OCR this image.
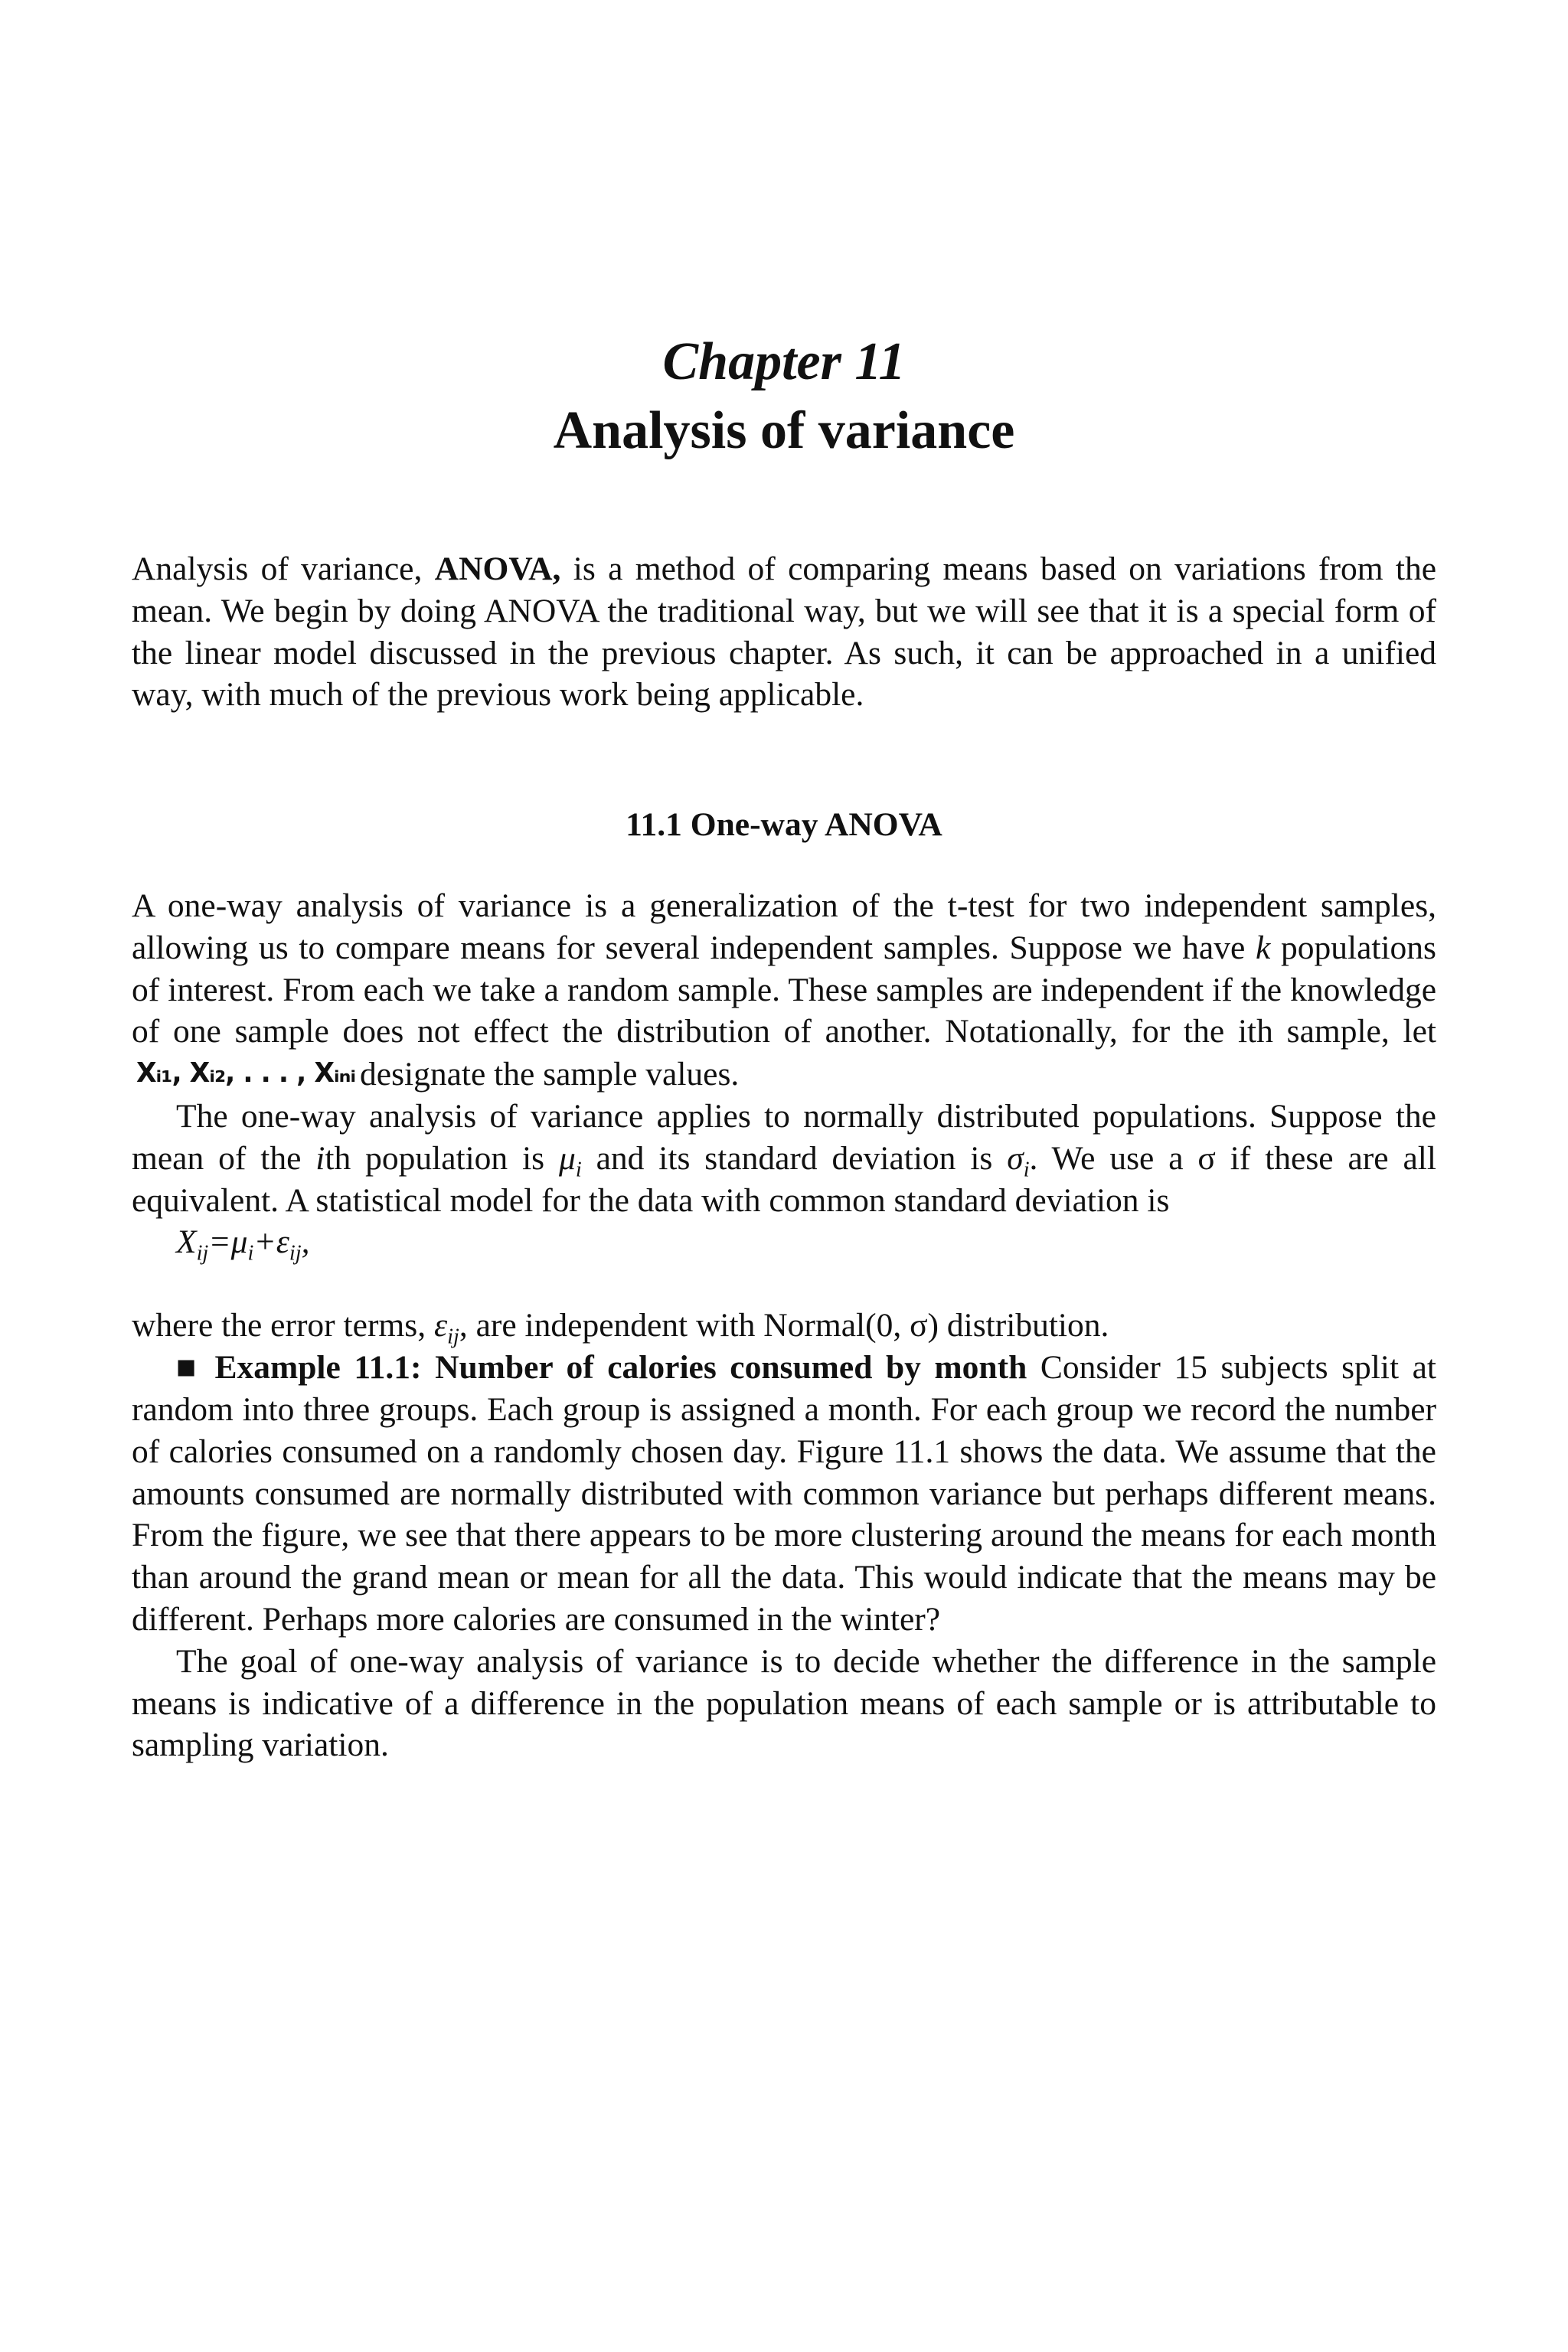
Chapter 11
Analysis of variance

Analysis of variance, ANOVA, is a method of comparing means based on variations from the mean. We begin by doing ANOVA the traditional way, but we will see that it is a special form of the linear model discussed in the previous chapter. As such, it can be approached in a unified way, with much of the previous work being applicable.

11.1 One-way ANOVA

A one-way analysis of variance is a generalization of the t-test for two independent samples, allowing us to compare means for several independent samples. Suppose we have k populations of interest. From each we take a random sample. These samples are independent if the knowledge of one sample does not effect the distribution of another. Notationally, for the ith sample, let Xᵢ₁, Xᵢ₂, . . . , Xᵢₙᵢ designate the sample values.

The one-way analysis of variance applies to normally distributed populations. Suppose the mean of the ith population is $\mu_i$ and its standard deviation is $\sigma_i$. We use a σ if these are all equivalent. A statistical model for the data with common standard deviation is

$X_{ij}=\mu_i+\varepsilon_{ij}$,

where the error terms, $\varepsilon_{ij}$, are independent with Normal(0, σ) distribution.

■ Example 11.1: Number of calories consumed by month Consider 15 subjects split at random into three groups. Each group is assigned a month. For each group we record the number of calories consumed on a randomly chosen day. Figure 11.1 shows the data. We assume that the amounts consumed are normally distributed with common variance but perhaps different means. From the figure, we see that there appears to be more clustering around the means for each month than around the grand mean or mean for all the data. This would indicate that the means may be different. Perhaps more calories are consumed in the winter?

The goal of one-way analysis of variance is to decide whether the difference in the sample means is indicative of a difference in the population means of each sample or is attributable to sampling variation.
